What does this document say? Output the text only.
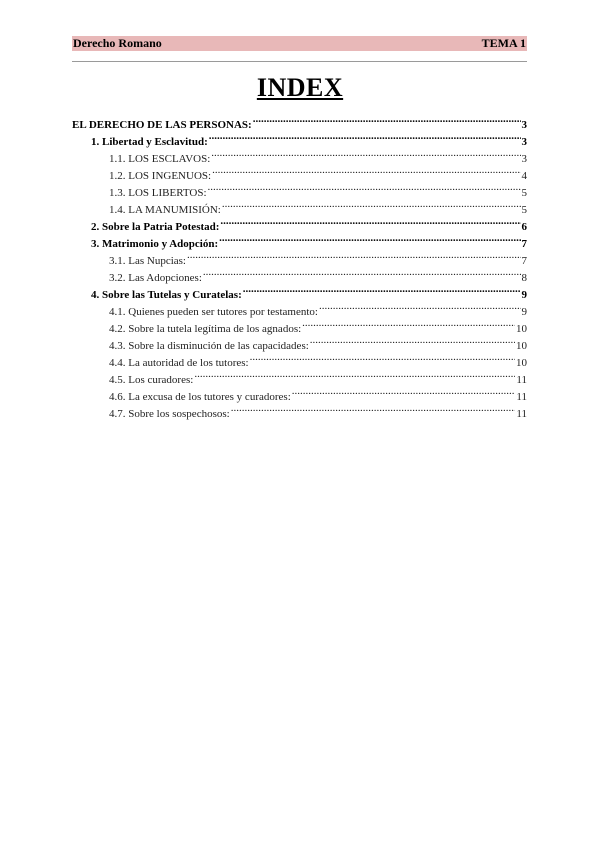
Derecho Romano	TEMA 1
INDEX
EL DERECHO DE LAS PERSONAS: .....	3
1. Libertad y Esclavitud: .....	3
1.1. LOS ESCLAVOS: .....	3
1.2. LOS INGENUOS: .....	4
1.3. LOS LIBERTOS: .....	5
1.4. LA MANUMISIÓN: .....	5
2. Sobre la Patria Potestad: .....	6
3. Matrimonio y Adopción: .....	7
3.1. Las Nupcias: .....	7
3.2. Las Adopciones: .....	8
4. Sobre las Tutelas y Curatelas: .....	9
4.1. Quienes pueden ser tutores por testamento: .....	9
4.2. Sobre la tutela legítima de los agnados: .....	10
4.3. Sobre la disminución de las capacidades: .....	10
4.4. La autoridad de los tutores: .....	10
4.5. Los curadores: .....	11
4.6. La excusa de los tutores y curadores: .....	11
4.7. Sobre los sospechosos: .....	11
